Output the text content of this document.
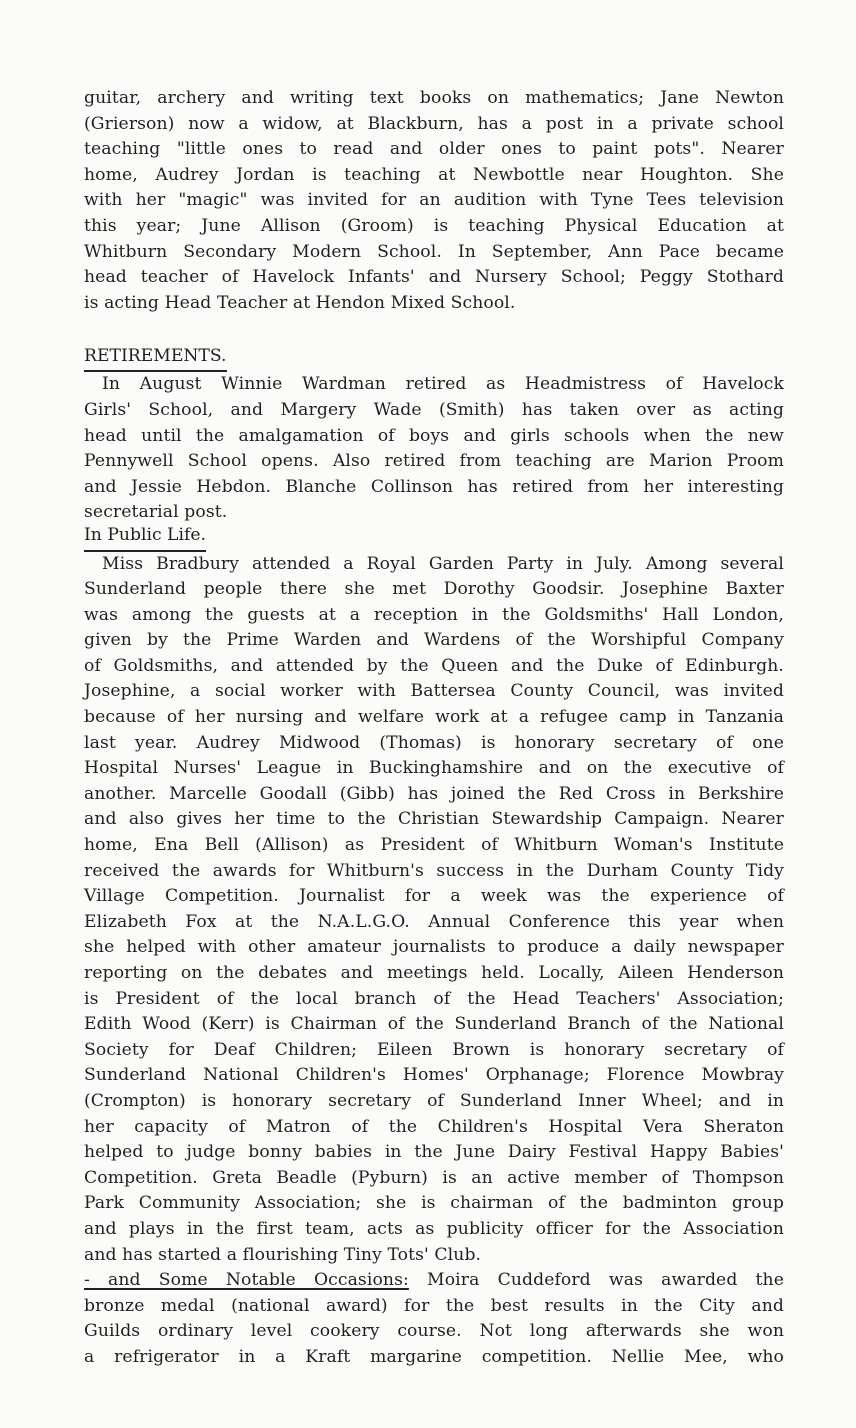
guitar, archery and writing text books on mathematics; Jane Newton
(Grierson) now a widow, at Blackburn, has a post in a private school
teaching "little ones to read and older ones to paint pots". Nearer
home, Audrey Jordan is teaching at Newbottle near Houghton. She
with her "magic" was invited for an audition with Tyne Tees television
this year; June Allison (Groom) is teaching Physical Education at
Whitburn Secondary Modern School. In September, Ann Pace became
head teacher of Havelock Infants' and Nursery School; Peggy Stothard
is acting Head Teacher at Hendon Mixed School.
RETIREMENTS.
In August Winnie Wardman retired as Headmistress of Havelock
Girls' School, and Margery Wade (Smith) has taken over as acting
head until the amalgamation of boys and girls schools when the new
Pennywell School opens. Also retired from teaching are Marion Proom
and Jessie Hebdon. Blanche Collinson has retired from her interesting
secretarial post.
In Public Life.
Miss Bradbury attended a Royal Garden Party in July. Among several
Sunderland people there she met Dorothy Goodsir. Josephine Baxter
was among the guests at a reception in the Goldsmiths' Hall London,
given by the Prime Warden and Wardens of the Worshipful Company
of Goldsmiths, and attended by the Queen and the Duke of Edinburgh.
Josephine, a social worker with Battersea County Council, was invited
because of her nursing and welfare work at a refugee camp in Tanzania
last year. Audrey Midwood (Thomas) is honorary secretary of one
Hospital Nurses' League in Buckinghamshire and on the executive of
another. Marcelle Goodall (Gibb) has joined the Red Cross in Berkshire
and also gives her time to the Christian Stewardship Campaign. Nearer
home, Ena Bell (Allison) as President of Whitburn Woman's Institute
received the awards for Whitburn's success in the Durham County Tidy
Village Competition. Journalist for a week was the experience of
Elizabeth Fox at the N.A.L.G.O. Annual Conference this year when
she helped with other amateur journalists to produce a daily newspaper
reporting on the debates and meetings held. Locally, Aileen Henderson
is President of the local branch of the Head Teachers' Association;
Edith Wood (Kerr) is Chairman of the Sunderland Branch of the National
Society for Deaf Children; Eileen Brown is honorary secretary of
Sunderland National Children's Homes' Orphanage; Florence Mowbray
(Crompton) is honorary secretary of Sunderland Inner Wheel; and in
her capacity of Matron of the Children's Hospital Vera Sheraton
helped to judge bonny babies in the June Dairy Festival Happy Babies'
Competition. Greta Beadle (Pyburn) is an active member of Thompson
Park Community Association; she is chairman of the badminton group
and plays in the first team, acts as publicity officer for the Association
and has started a flourishing Tiny Tots' Club.
- and Some Notable Occasions: Moira Cuddeford was awarded the
bronze medal (national award) for the best results in the City and
Guilds ordinary level cookery course. Not long afterwards she won
a refrigerator in a Kraft margarine competition. Nellie Mee, who
